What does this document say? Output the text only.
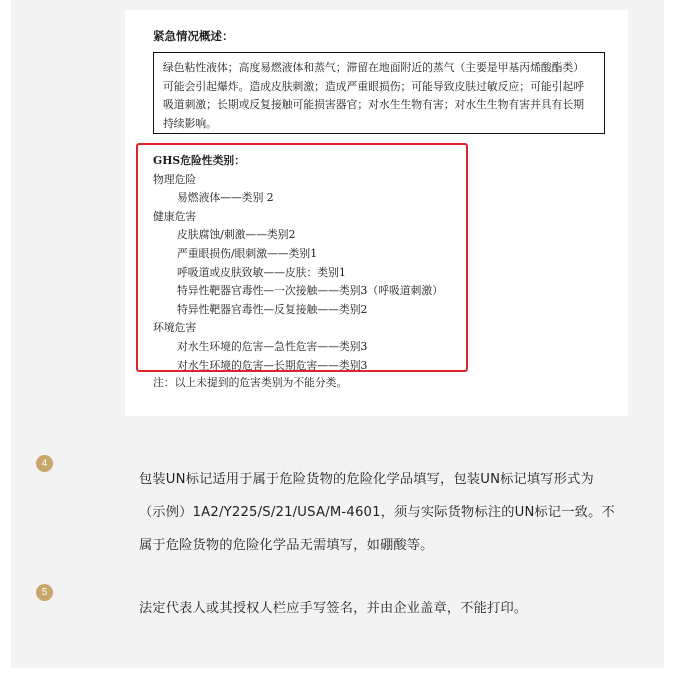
紧急情况概述：
绿色粘性液体；高度易燃液体和蒸气；滞留在地面附近的蒸气（主要是甲基丙烯酸酯类）可能会引起爆炸。造成皮肤刺激；造成严重眼损伤；可能导致皮肤过敏反应；可能引起呼吸道刺激；长期或反复接触可能损害器官；对水生生物有害；对水生生物有害并具有长期持续影响。
GHS危险性类别：
物理危险
易燃液体——类别 2
健康危害
皮肤腐蚀/刺激——类别2
严重眼损伤/眼刺激——类别1
呼吸道或皮肤致敏——皮肤：类别1
特异性靶器官毒性—一次接触——类别3（呼吸道刺激）
特异性靶器官毒性—反复接触——类别2
环境危害
对水生环境的危害—急性危害——类别3
对水生环境的危害—长期危害——类别3
注：以上未提到的危害类别为不能分类。
4
包装UN标记适用于属于危险货物的危险化学品填写，包装UN标记填写形式为（示例）1A2/Y225/S/21/USA/M-4601，须与实际货物标注的UN标记一致。不属于危险货物的危险化学品无需填写，如硼酸等。
5
法定代表人或其授权人栏应手写签名，并由企业盖章，不能打印。
